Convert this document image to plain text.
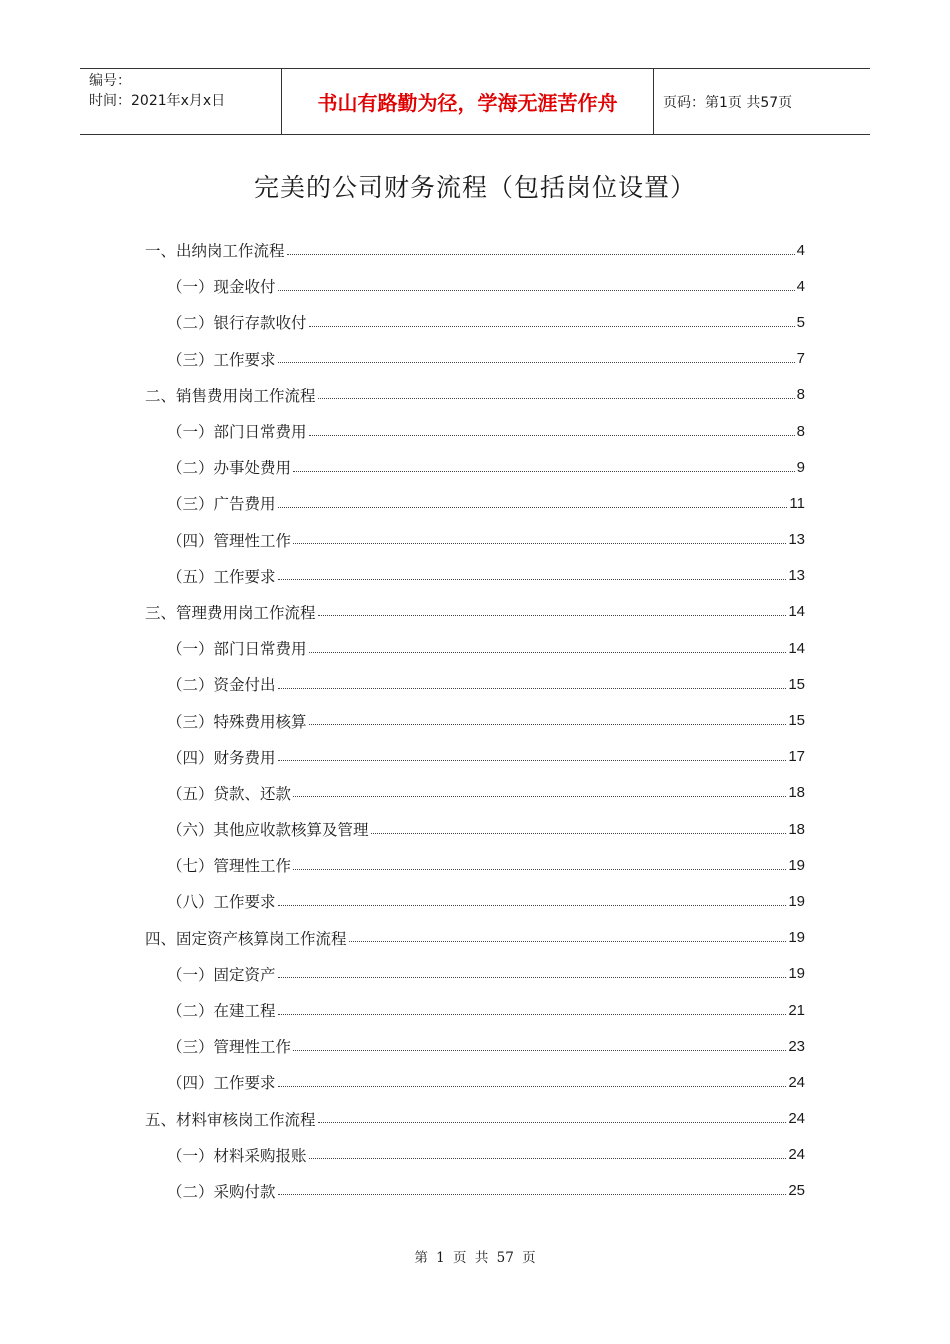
编号：
时间：2021年x月x日	书山有路勤为径，学海无涯苦作舟	页码：第1页 共57页
完美的公司财务流程（包括岗位设置）
一、出纳岗工作流程	4
（一）现金收付	4
（二）银行存款收付	5
（三）工作要求	7
二、销售费用岗工作流程	8
（一）部门日常费用	8
（二）办事处费用	9
（三）广告费用	11
（四）管理性工作	13
（五）工作要求	13
三、管理费用岗工作流程	14
（一）部门日常费用	14
（二）资金付出	15
（三）特殊费用核算	15
（四）财务费用	17
（五）贷款、还款	18
（六）其他应收款核算及管理	18
（七）管理性工作	19
（八）工作要求	19
四、固定资产核算岗工作流程	19
（一）固定资产	19
（二）在建工程	21
（三）管理性工作	23
（四）工作要求	24
五、材料审核岗工作流程	24
（一）材料采购报账	24
（二）采购付款	25
第 1 页 共 57 页
